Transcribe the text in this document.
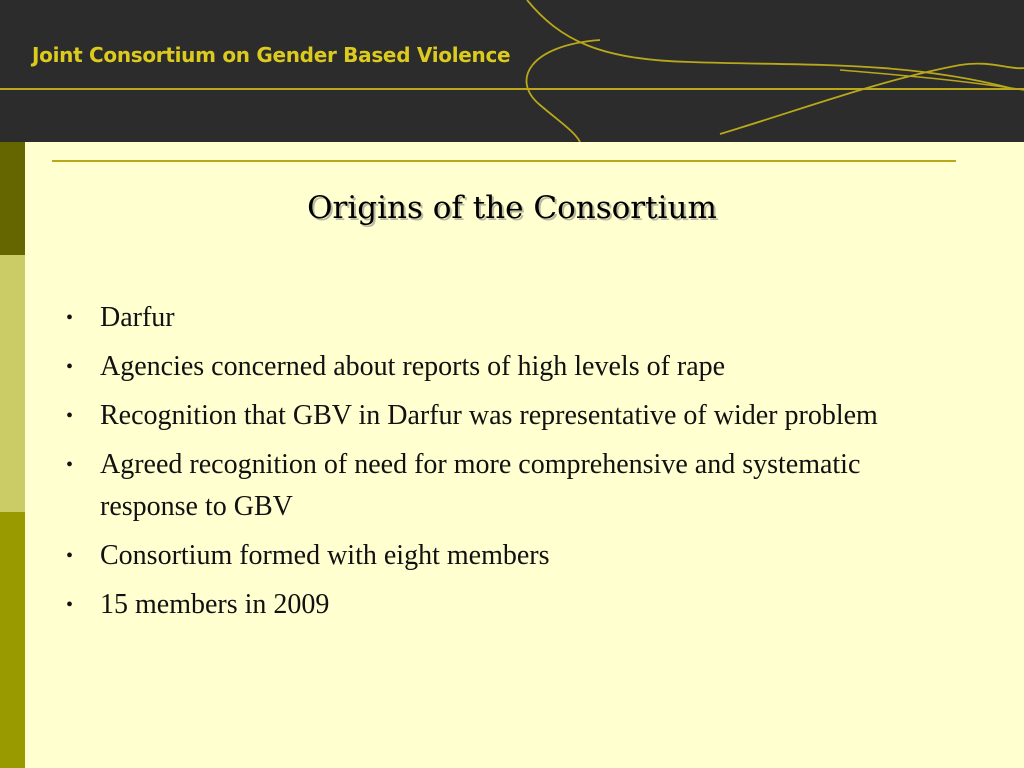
Joint Consortium on Gender Based Violence
Origins of the Consortium
• Darfur
• Agencies concerned about reports of high levels of rape
• Recognition that GBV in Darfur was representative of wider problem
• Agreed recognition of need for more comprehensive and systematic response to GBV
• Consortium formed with eight members
• 15 members in 2009
